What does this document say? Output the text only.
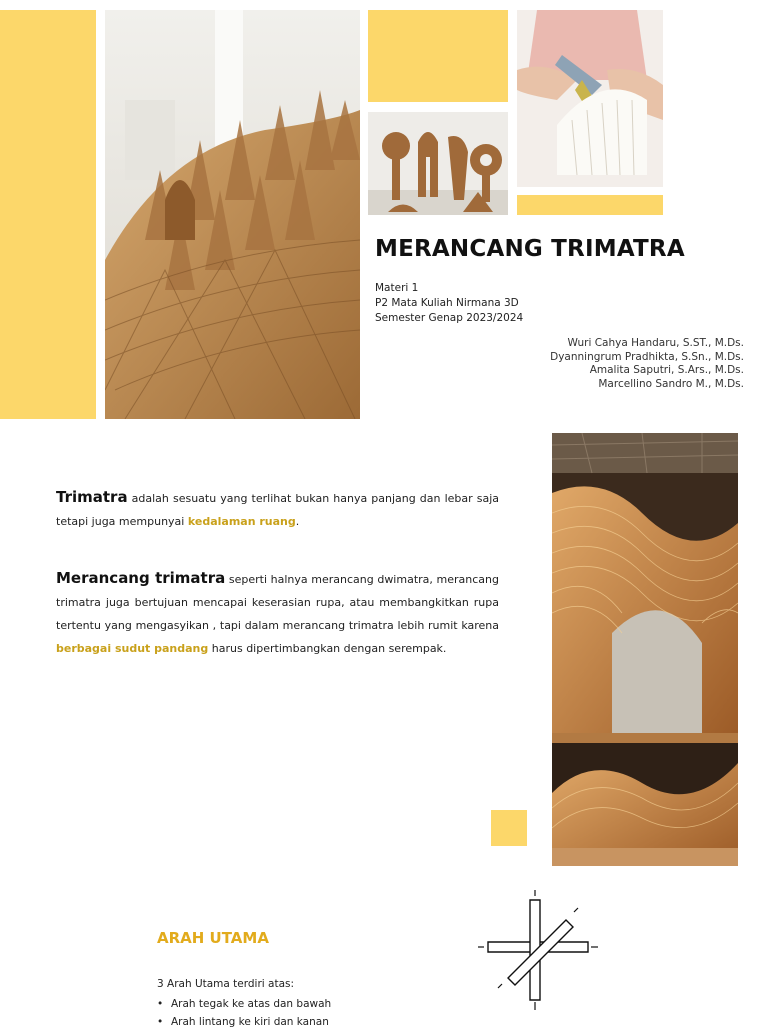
MERANCANG TRIMATRA
Materi 1
P2 Mata Kuliah Nirmana 3D
Semester Genap 2023/2024
Wuri Cahya Handaru, S.ST., M.Ds.
Dyanningrum Pradhikta, S.Sn., M.Ds.
Amalita Saputri, S.Ars., M.Ds.
Marcellino Sandro M., M.Ds.
Trimatra adalah sesuatu yang terlihat bukan hanya panjang dan lebar saja tetapi juga mempunyai kedalaman ruang.
Merancang trimatra seperti halnya merancang dwimatra, merancang trimatra juga bertujuan mencapai keserasian rupa, atau membangkitkan rupa tertentu yang mengasyikan , tapi dalam merancang trimatra lebih rumit karena berbagai sudut pandang harus dipertimbangkan dengan serempak.
ARAH UTAMA
3 Arah Utama terdiri atas:
• Arah tegak ke atas dan bawah
• Arah lintang ke kiri dan kanan
